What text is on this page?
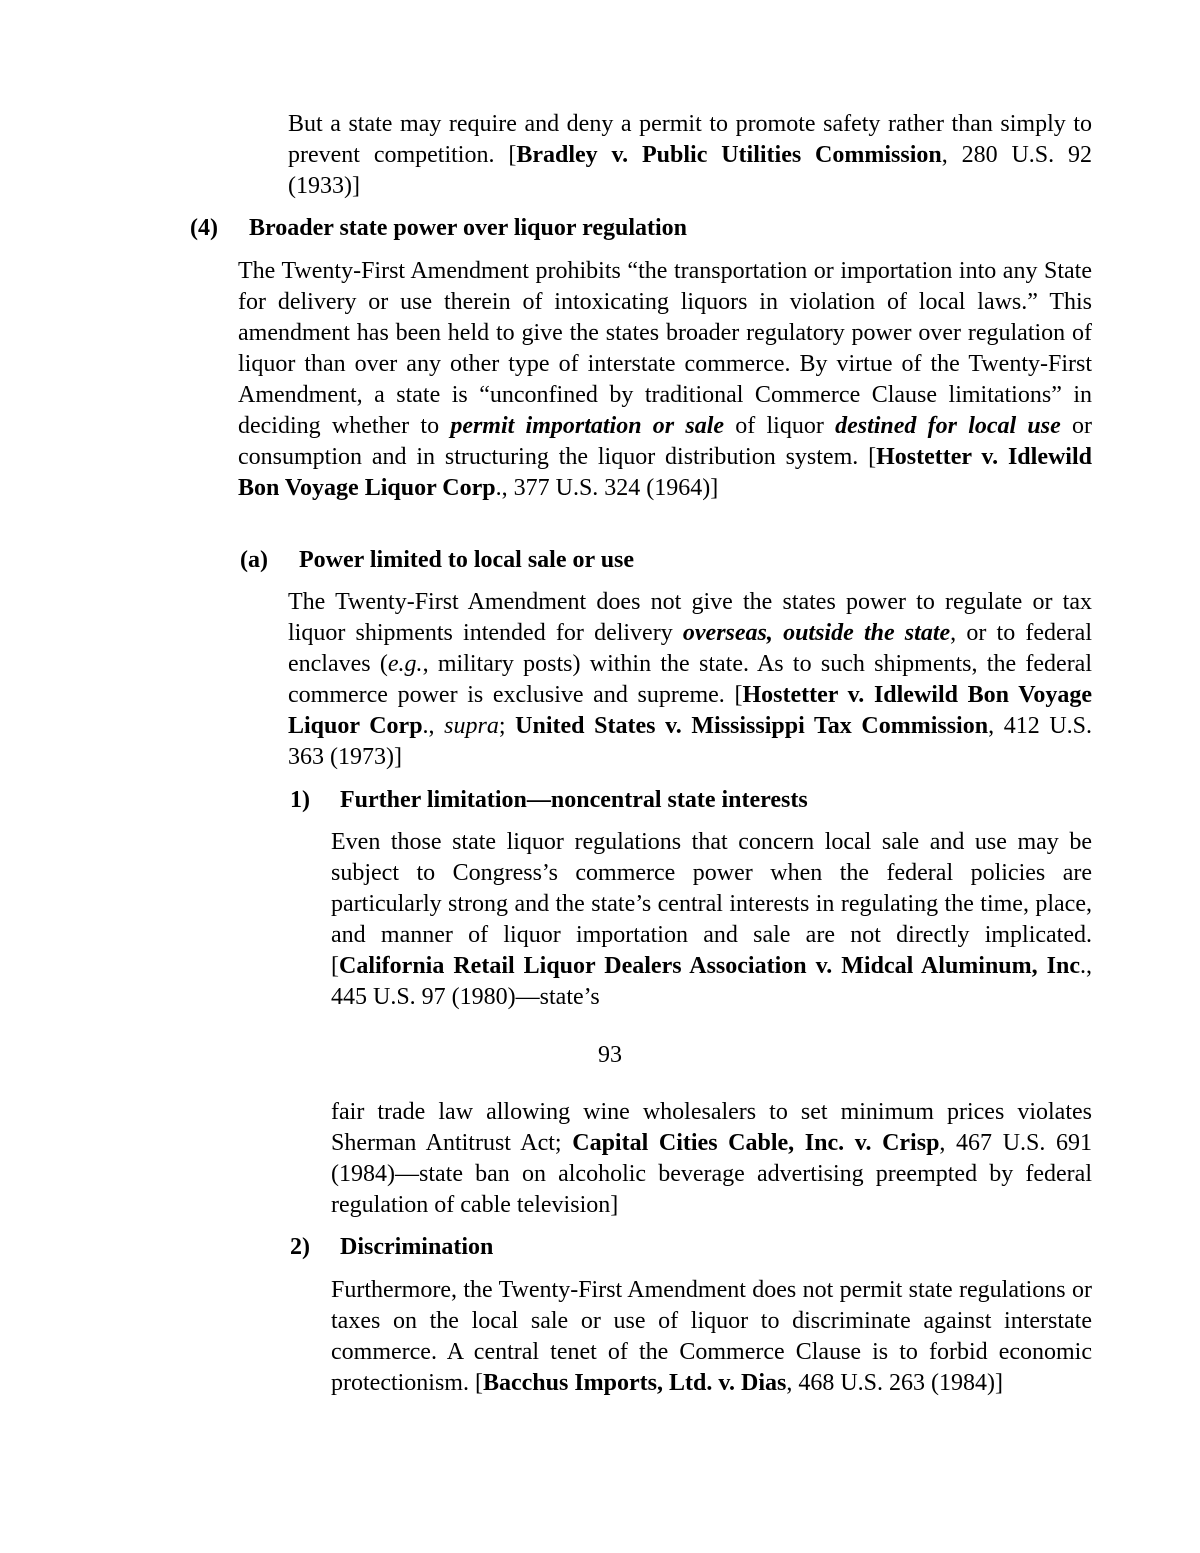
But a state may require and deny a permit to promote safety rather than simply to prevent competition. [Bradley v. Public Utilities Commission, 280 U.S. 92 (1933)]

(4) Broader state power over liquor regulation

The Twenty-First Amendment prohibits “the transportation or importation into any State for delivery or use therein of intoxicating liquors in violation of local laws.” This amendment has been held to give the states broader regulatory power over regulation of liquor than over any other type of interstate commerce. By virtue of the Twenty-First Amendment, a state is “unconfined by traditional Commerce Clause limitations” in deciding whether to permit importation or sale of liquor destined for local use or consumption and in structuring the liquor distribution system. [Hostetter v. Idlewild Bon Voyage Liquor Corp., 377 U.S. 324 (1964)]

(a) Power limited to local sale or use

The Twenty-First Amendment does not give the states power to regulate or tax liquor shipments intended for delivery overseas, outside the state, or to federal enclaves (e.g., military posts) within the state. As to such shipments, the federal commerce power is exclusive and supreme. [Hostetter v. Idlewild Bon Voyage Liquor Corp., supra; United States v. Mississippi Tax Commission, 412 U.S. 363 (1973)]

1) Further limitation—noncentral state interests

Even those state liquor regulations that concern local sale and use may be subject to Congress’s commerce power when the federal policies are particularly strong and the state’s central interests in regulating the time, place, and manner of liquor importation and sale are not directly implicated. [California Retail Liquor Dealers Association v. Midcal Aluminum, Inc., 445 U.S. 97 (1980)—state’s

93

fair trade law allowing wine wholesalers to set minimum prices violates Sherman Antitrust Act; Capital Cities Cable, Inc. v. Crisp, 467 U.S. 691 (1984)—state ban on alcoholic beverage advertising preempted by federal regulation of cable television]

2) Discrimination

Furthermore, the Twenty-First Amendment does not permit state regulations or taxes on the local sale or use of liquor to discriminate against interstate commerce. A central tenet of the Commerce Clause is to forbid economic protectionism. [Bacchus Imports, Ltd. v. Dias, 468 U.S. 263 (1984)]
